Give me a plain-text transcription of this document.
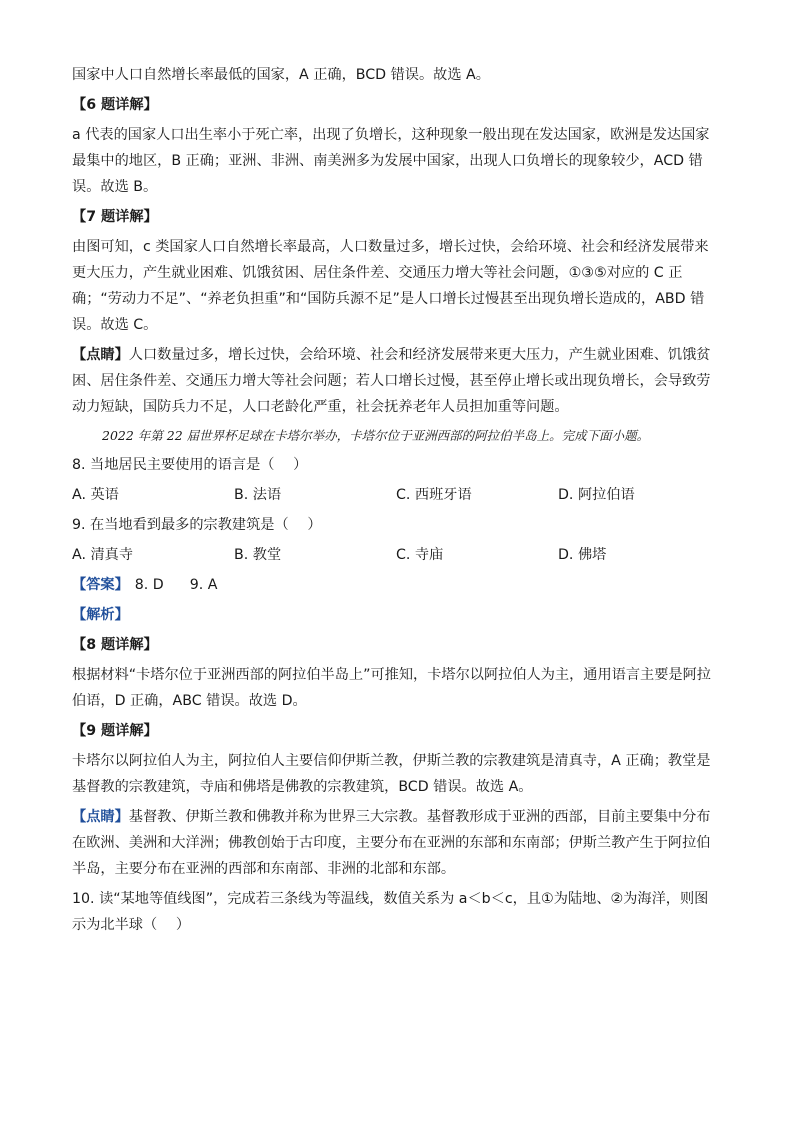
国家中人口自然增长率最低的国家，A 正确，BCD 错误。故选 A。

【6 题详解】

a 代表的国家人口出生率小于死亡率，出现了负增长，这种现象一般出现在发达国家，欧洲是发达国家最集中的地区，B 正确；亚洲、非洲、南美洲多为发展中国家，出现人口负增长的现象较少，ACD 错误。故选 B。

【7 题详解】

由图可知，c 类国家人口自然增长率最高，人口数量过多，增长过快，会给环境、社会和经济发展带来更大压力，产生就业困难、饥饿贫困、居住条件差、交通压力增大等社会问题，①③⑤对应的 C 正确；“劳动力不足”、“养老负担重”和“国防兵源不足”是人口增长过慢甚至出现负增长造成的，ABD 错误。故选 C。

【点睛】人口数量过多，增长过快，会给环境、社会和经济发展带来更大压力，产生就业困难、饥饿贫困、居住条件差、交通压力增大等社会问题；若人口增长过慢，甚至停止增长或出现负增长，会导致劳动力短缺，国防兵力不足，人口老龄化严重，社会抚养老年人员担加重等问题。

2022 年第 22 届世界杯足球在卡塔尔举办，卡塔尔位于亚洲西部的阿拉伯半岛上。完成下面小题。

8. 当地居民主要使用的语言是（　 ）

A. 英语	B. 法语	C. 西班牙语	D. 阿拉伯语

9. 在当地看到最多的宗教建筑是（　 ）

A. 清真寺	B. 教堂	C. 寺庙	D. 佛塔

【答案】 8. D 9. A

【解析】

【8 题详解】

根据材料“卡塔尔位于亚洲西部的阿拉伯半岛上”可推知，卡塔尔以阿拉伯人为主，通用语言主要是阿拉伯语，D 正确，ABC 错误。故选 D。

【9 题详解】

卡塔尔以阿拉伯人为主，阿拉伯人主要信仰伊斯兰教，伊斯兰教的宗教建筑是清真寺，A 正确；教堂是基督教的宗教建筑，寺庙和佛塔是佛教的宗教建筑，BCD 错误。故选 A。

【点睛】基督教、伊斯兰教和佛教并称为世界三大宗教。基督教形成于亚洲的西部，目前主要集中分布在欧洲、美洲和大洋洲；佛教创始于古印度，主要分布在亚洲的东部和东南部；伊斯兰教产生于阿拉伯半岛，主要分布在亚洲的西部和东南部、非洲的北部和东部。

10. 读“某地等值线图”，完成若三条线为等温线，数值关系为 a＜b＜c，且①为陆地、②为海洋，则图示为北半球（　 ）
